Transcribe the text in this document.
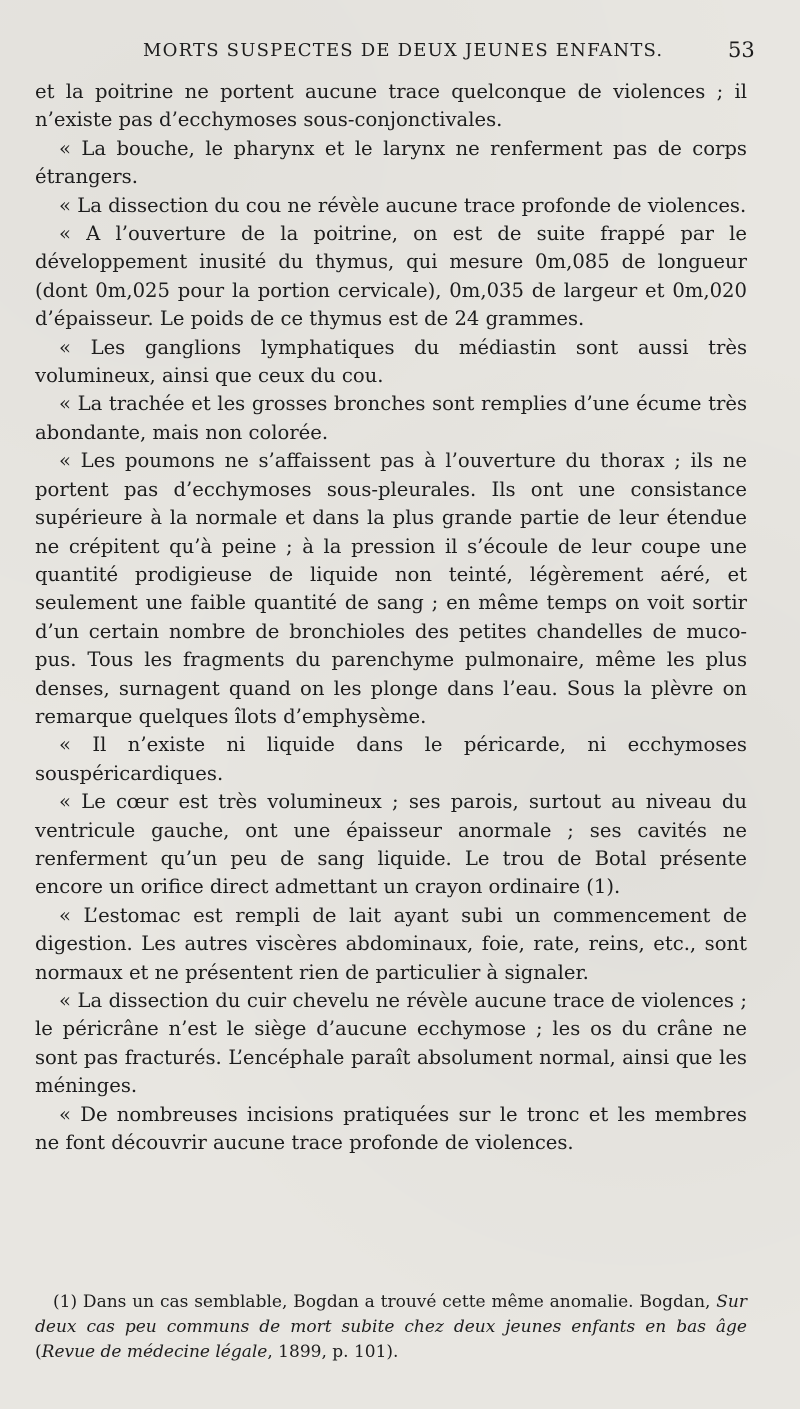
MORTS SUSPECTES DE DEUX JEUNES ENFANTS.	53

et la poitrine ne portent aucune trace quelconque de violences ; il n’existe pas d’ecchymoses sous-conjonctivales.

« La bouche, le pharynx et le larynx ne renferment pas de corps étrangers.

« La dissection du cou ne révèle aucune trace profonde de violences.

« A l’ouverture de la poitrine, on est de suite frappé par le développement inusité du thymus, qui mesure 0m,085 de longueur (dont 0m,025 pour la portion cervicale), 0m,035 de largeur et 0m,020 d’épaisseur. Le poids de ce thymus est de 24 grammes.

« Les ganglions lymphatiques du médiastin sont aussi très volumineux, ainsi que ceux du cou.

« La trachée et les grosses bronches sont remplies d’une écume très abondante, mais non colorée.

« Les poumons ne s’affaissent pas à l’ouverture du thorax ; ils ne portent pas d’ecchymoses sous-pleurales. Ils ont une consistance supérieure à la normale et dans la plus grande partie de leur étendue ne crépitent qu’à peine ; à la pression il s’écoule de leur coupe une quantité prodigieuse de liquide non teinté, légèrement aéré, et seulement une faible quantité de sang ; en même temps on voit sortir d’un certain nombre de bronchioles des petites chandelles de muco-pus. Tous les fragments du parenchyme pulmonaire, même les plus denses, surnagent quand on les plonge dans l’eau. Sous la plèvre on remarque quelques îlots d’emphysème.

« Il n’existe ni liquide dans le péricarde, ni ecchymoses souspéricardiques.

« Le cœur est très volumineux ; ses parois, surtout au niveau du ventricule gauche, ont une épaisseur anormale ; ses cavités ne renferment qu’un peu de sang liquide. Le trou de Botal présente encore un orifice direct admettant un crayon ordinaire (1).

« L’estomac est rempli de lait ayant subi un commencement de digestion. Les autres viscères abdominaux, foie, rate, reins, etc., sont normaux et ne présentent rien de particulier à signaler.

« La dissection du cuir chevelu ne révèle aucune trace de violences ; le péricrâne n’est le siège d’aucune ecchymose ; les os du crâne ne sont pas fracturés. L’encéphale paraît absolument normal, ainsi que les méninges.

« De nombreuses incisions pratiquées sur le tronc et les membres ne font découvrir aucune trace profonde de violences.

(1) Dans un cas semblable, Bogdan a trouvé cette même anomalie. Bogdan, Sur deux cas peu communs de mort subite chez deux jeunes enfants en bas âge (Revue de médecine légale, 1899, p. 101).
